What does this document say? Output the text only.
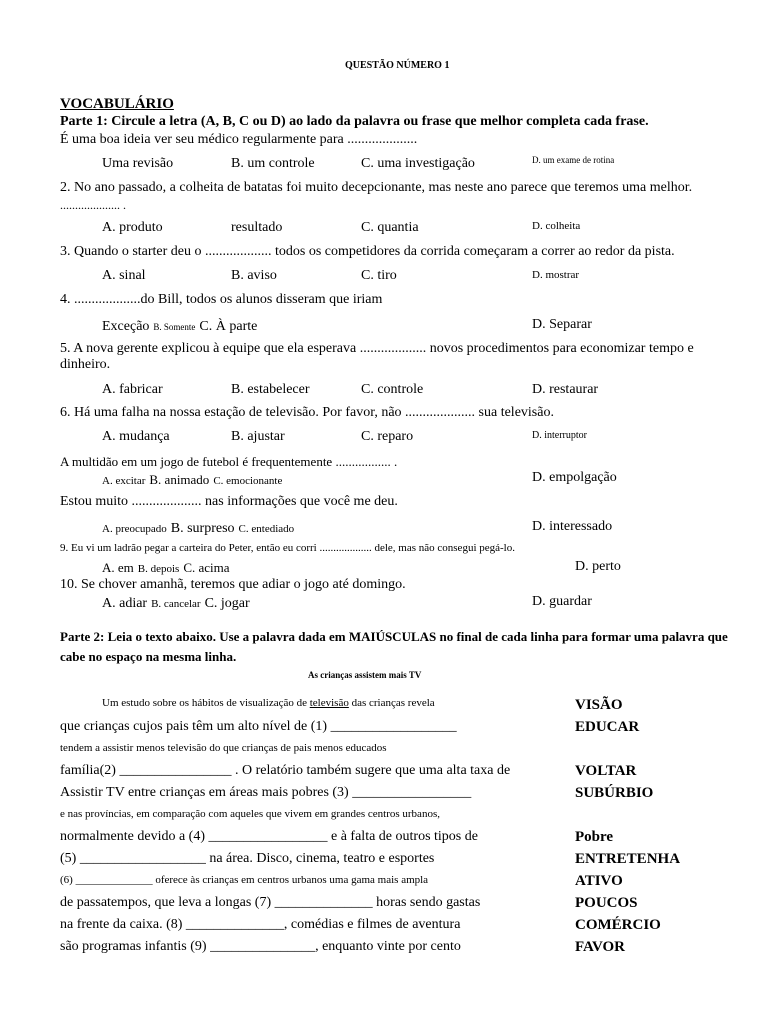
QUESTÃO NÚMERO 1
VOCABULÁRIO
Parte 1: Circule a letra (A, B, C ou D) ao lado da palavra ou frase que melhor completa cada frase.
É uma boa ideia ver seu médico regularmente para ....................
Uma revisão	B. um controle	C. uma investigação	D. um exame de rotina
2. No ano passado, a colheita de batatas foi muito decepcionante, mas neste ano parece que teremos uma melhor.
.................... .
A. produto	resultado	C. quantia	D. colheita
3. Quando o starter deu o ................... todos os competidores da corrida começaram a correr ao redor da pista.
A. sinal	B. aviso	C. tiro	D. mostrar
4. ...................do Bill, todos os alunos disseram que iriam
Exceção B. Somente C. À parte	D. Separar
5. A nova gerente explicou à equipe que ela esperava ................... novos procedimentos para economizar tempo e
dinheiro.
A. fabricar	B. estabelecer	C. controle	D. restaurar
6. Há uma falha na nossa estação de televisão. Por favor, não .................... sua televisão.
A. mudança	B. ajustar	C. reparo	D. interruptor
A multidão em um jogo de futebol é frequentemente ................. .
A. excitar B. animado C. emocionante	D. empolgação
Estou muito .................... nas informações que você me deu.
A. preocupado B. surpreso C. entediado	D. interessado
9. Eu vi um ladrão pegar a carteira do Peter, então eu corri ................... dele, mas não consegui pegá-lo.
A. em B. depois C. acima	D. perto
10. Se chover amanhã, teremos que adiar o jogo até domingo.
A. adiar B. cancelar C. jogar	D. guardar
Parte 2: Leia o texto abaixo. Use a palavra dada em MAIÚSCULAS no final de cada linha para formar uma palavra que
cabe no espaço na mesma linha.
As crianças assistem mais TV
Um estudo sobre os hábitos de visualização de televisão das crianças revela	VISÃO
que crianças cujos pais têm um alto nível de (1) __________________	EDUCAR
tendem a assistir menos televisão do que crianças de pais menos educados
família(2) ________________ . O relatório também sugere que uma alta taxa de	VOLTAR
Assistir TV entre crianças em áreas mais pobres (3) _________________	SUBÚRBIO
e nas províncias, em comparação com aqueles que vivem em grandes centros urbanos,
normalmente devido a (4) _________________ e à falta de outros tipos de	Pobre
(5) __________________ na área. Disco, cinema, teatro e esportes	ENTRETENHA
(6) ______________ oferece às crianças em centros urbanos uma gama mais ampla	ATIVO
de passatempos, que leva a longas (7) ______________ horas sendo gastas	POUCOS
na frente da caixa. (8) ______________, comédias e filmes de aventura	COMÉRCIO
são programas infantis (9) _______________, enquanto vinte por cento	FAVOR
